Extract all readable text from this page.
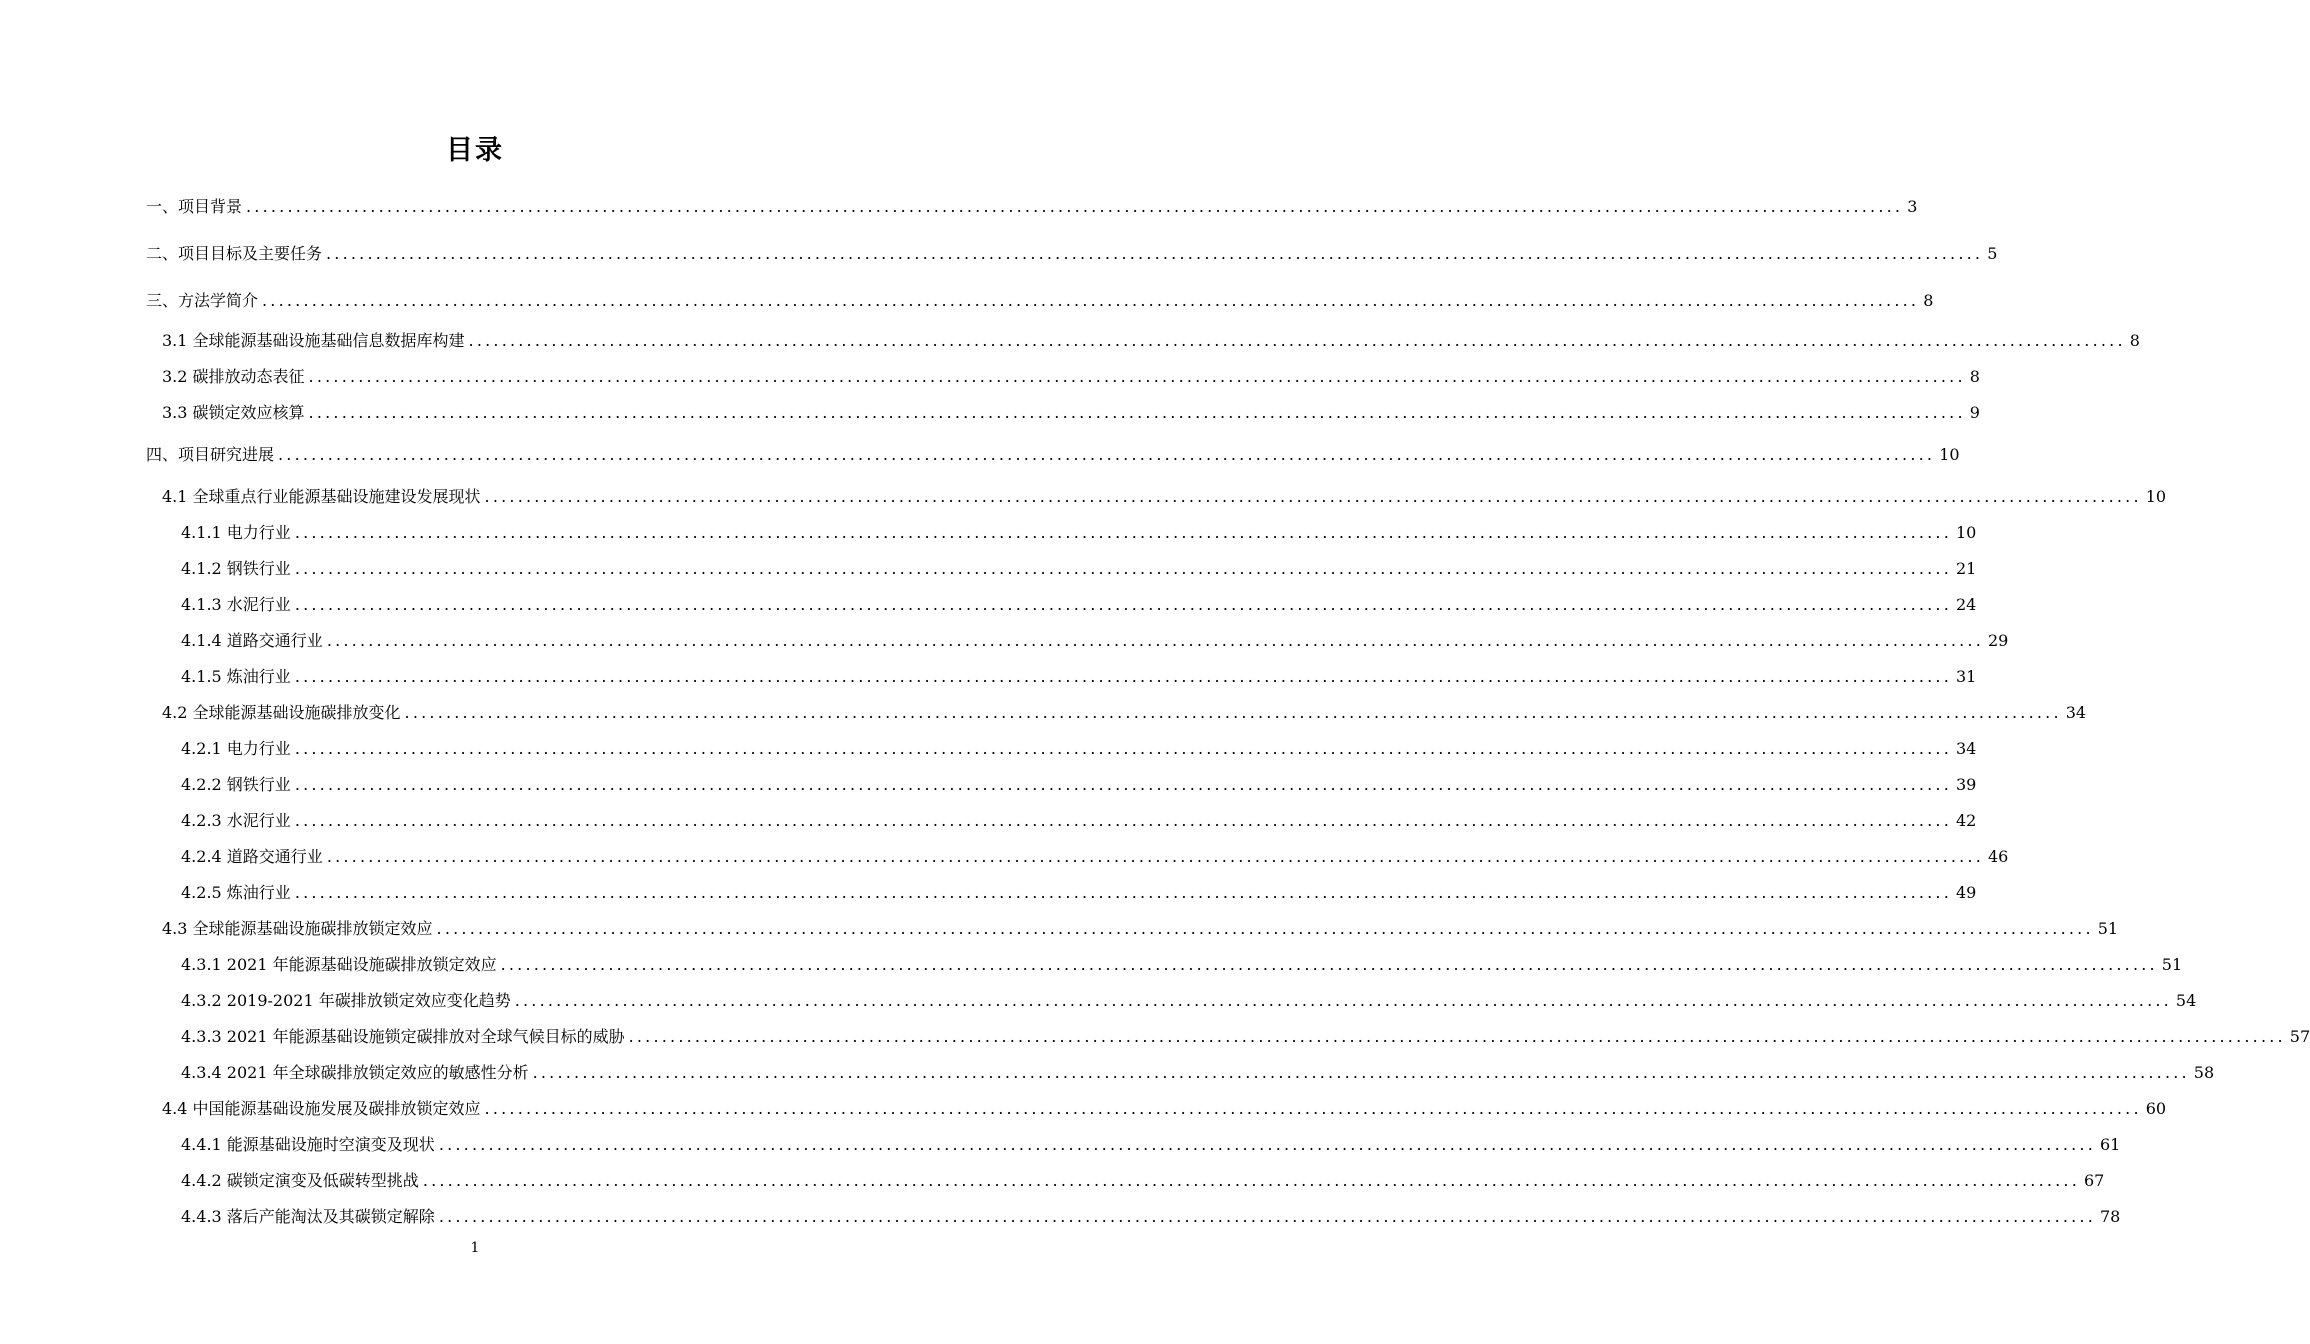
目录
一、项目背景 ........................................................................................................................................................................................................ 3
二、项目目标及主要任务 ........................................................................................................................................................................................................ 5
三、方法学简介 ........................................................................................................................................................................................................ 8
3.1 全球能源基础设施基础信息数据库构建 ........................................................................................................................................................................................................ 8
3.2 碳排放动态表征 ........................................................................................................................................................................................................ 8
3.3 碳锁定效应核算 ........................................................................................................................................................................................................ 9
四、项目研究进展 ........................................................................................................................................................................................................ 10
4.1 全球重点行业能源基础设施建设发展现状 ........................................................................................................................................................................................................ 10
4.1.1 电力行业 ........................................................................................................................................................................................................ 10
4.1.2 钢铁行业 ........................................................................................................................................................................................................ 21
4.1.3 水泥行业 ........................................................................................................................................................................................................ 24
4.1.4 道路交通行业 ........................................................................................................................................................................................................ 29
4.1.5 炼油行业 ........................................................................................................................................................................................................ 31
4.2 全球能源基础设施碳排放变化 ........................................................................................................................................................................................................ 34
4.2.1 电力行业 ........................................................................................................................................................................................................ 34
4.2.2 钢铁行业 ........................................................................................................................................................................................................ 39
4.2.3 水泥行业 ........................................................................................................................................................................................................ 42
4.2.4 道路交通行业 ........................................................................................................................................................................................................ 46
4.2.5 炼油行业 ........................................................................................................................................................................................................ 49
4.3 全球能源基础设施碳排放锁定效应 ........................................................................................................................................................................................................ 51
4.3.1 2021 年能源基础设施碳排放锁定效应 ........................................................................................................................................................................................................ 51
4.3.2 2019-2021 年碳排放锁定效应变化趋势 ........................................................................................................................................................................................................ 54
4.3.3 2021 年能源基础设施锁定碳排放对全球气候目标的威胁 ........................................................................................................................................................................................................ 57
4.3.4 2021 年全球碳排放锁定效应的敏感性分析 ........................................................................................................................................................................................................ 58
4.4 中国能源基础设施发展及碳排放锁定效应 ........................................................................................................................................................................................................ 60
4.4.1 能源基础设施时空演变及现状 ........................................................................................................................................................................................................ 61
4.4.2 碳锁定演变及低碳转型挑战 ........................................................................................................................................................................................................ 67
4.4.3 落后产能淘汰及其碳锁定解除 ........................................................................................................................................................................................................ 78
1
